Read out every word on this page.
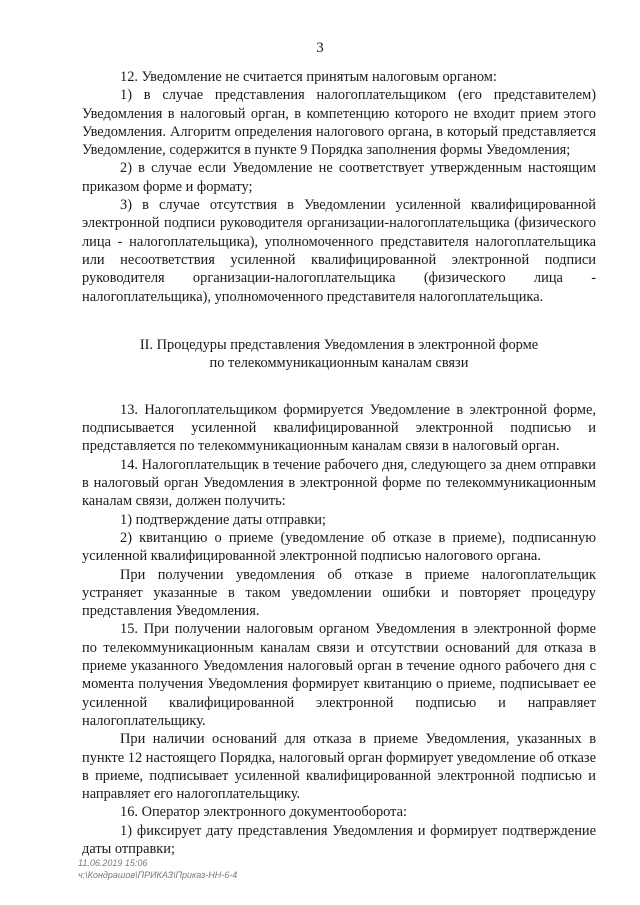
3

12. Уведомление не считается принятым налоговым органом:

1) в случае представления налогоплательщиком (его представителем) Уведомления в налоговый орган, в компетенцию которого не входит прием этого Уведомления. Алгоритм определения налогового органа, в который представляется Уведомление, содержится в пункте 9 Порядка заполнения формы Уведомления;

2) в случае если Уведомление не соответствует утвержденным настоящим приказом форме и формату;

3) в случае отсутствия в Уведомлении усиленной квалифицированной электронной подписи руководителя организации-налогоплательщика (физического лица - налогоплательщика), уполномоченного представителя налогоплательщика или несоответствия усиленной квалифицированной электронной подписи руководителя организации-налогоплательщика (физического лица - налогоплательщика), уполномоченного представителя налогоплательщика.

II. Процедуры представления Уведомления в электронной форме
по телекоммуникационным каналам связи

13. Налогоплательщиком формируется Уведомление в электронной форме, подписывается усиленной квалифицированной электронной подписью и представляется по телекоммуникационным каналам связи в налоговый орган.

14. Налогоплательщик в течение рабочего дня, следующего за днем отправки в налоговый орган Уведомления в электронной форме по телекоммуникационным каналам связи, должен получить:

1) подтверждение даты отправки;

2) квитанцию о приеме (уведомление об отказе в приеме), подписанную усиленной квалифицированной электронной подписью налогового органа.

При получении уведомления об отказе в приеме налогоплательщик устраняет указанные в таком уведомлении ошибки и повторяет процедуру представления Уведомления.

15. При получении налоговым органом Уведомления в электронной форме по телекоммуникационным каналам связи и отсутствии оснований для отказа в приеме указанного Уведомления налоговый орган в течение одного рабочего дня с момента получения Уведомления формирует квитанцию о приеме, подписывает ее усиленной квалифицированной электронной подписью и направляет налогоплательщику.

При наличии оснований для отказа в приеме Уведомления, указанных в пункте 12 настоящего Порядка, налоговый орган формирует уведомление об отказе в приеме, подписывает усиленной квалифицированной электронной подписью и направляет его налогоплательщику.

16. Оператор электронного документооборота:

1) фиксирует дату представления Уведомления и формирует подтверждение даты отправки;

11.06.2019 15:06
ч:\Кондрашов\ПРИКАЗ\Приказ-НН-6-4
